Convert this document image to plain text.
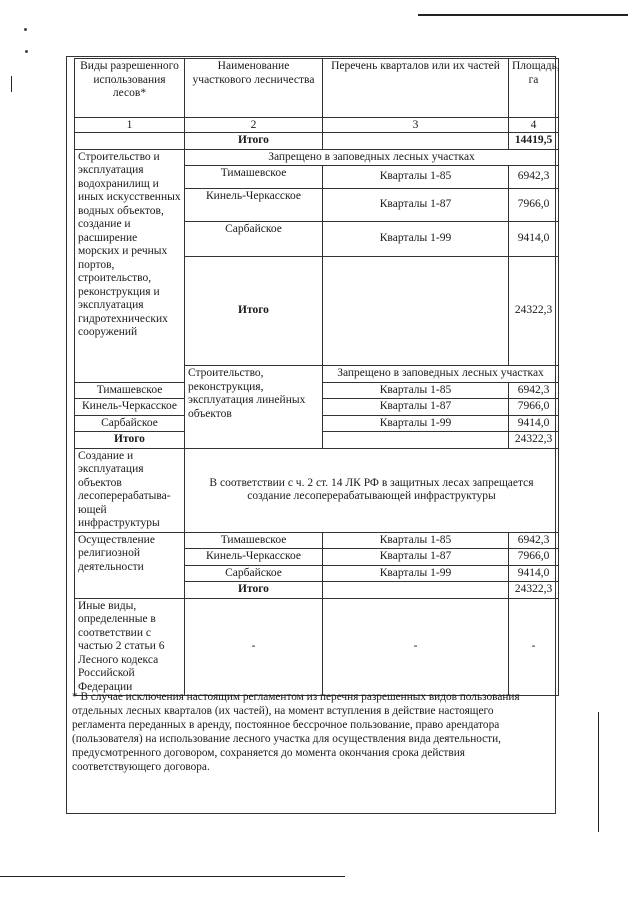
Виды разрешенного использования лесов*	Наименование участкового лесничества	Перечень кварталов или их частей	Площадь, га
1	2	3	4
	Итого		14419,5
Строительство и эксплуатация водохранилищ и иных искусственных водных объектов, создание и расширение морских и речных портов, строительство, реконструкция и эксплуатация гидротехнических сооружений	Запрещено в заповедных лесных участках		
	Тимашевское	Кварталы 1-85	6942,3
	Кинель-Черкасское	Кварталы 1-87	7966,0
	Сарбайское	Кварталы 1-99	9414,0
	Итого		24322,3
	Строительство, реконструкция, эксплуатация линейных объектов	Запрещено в заповедных лесных участках	
Тимашевское		Кварталы 1-85	6942,3
Кинель-Черкасское		Кварталы 1-87	7966,0
Сарбайское		Кварталы 1-99	9414,0
Итого			24322,3
Создание и эксплуатация объектов лесоперерабатыва-ющей инфраструктуры	В соответствии с ч. 2 ст. 14 ЛК РФ в защитных лесах запрещается создание лесоперерабатывающей инфраструктуры		
Осуществление религиозной деятельности	Тимашевское	Кварталы 1-85	6942,3
	Кинель-Черкасское	Кварталы 1-87	7966,0
	Сарбайское	Кварталы 1-99	9414,0
	Итого		24322,3
Иные виды, определенные в соответствии с частью 2 статьи 6 Лесного кодекса Российской Федерации	-	-	-
* В случае исключения настоящим регламентом из перечня разрешенных видов пользования отдельных лесных кварталов (их частей), на момент вступления в действие настоящего регламента переданных в аренду, постоянное бессрочное пользование, право арендатора (пользователя) на использование лесного участка для осуществления вида деятельности, предусмотренного договором, сохраняется до момента окончания срока действия соответствующего договора.
